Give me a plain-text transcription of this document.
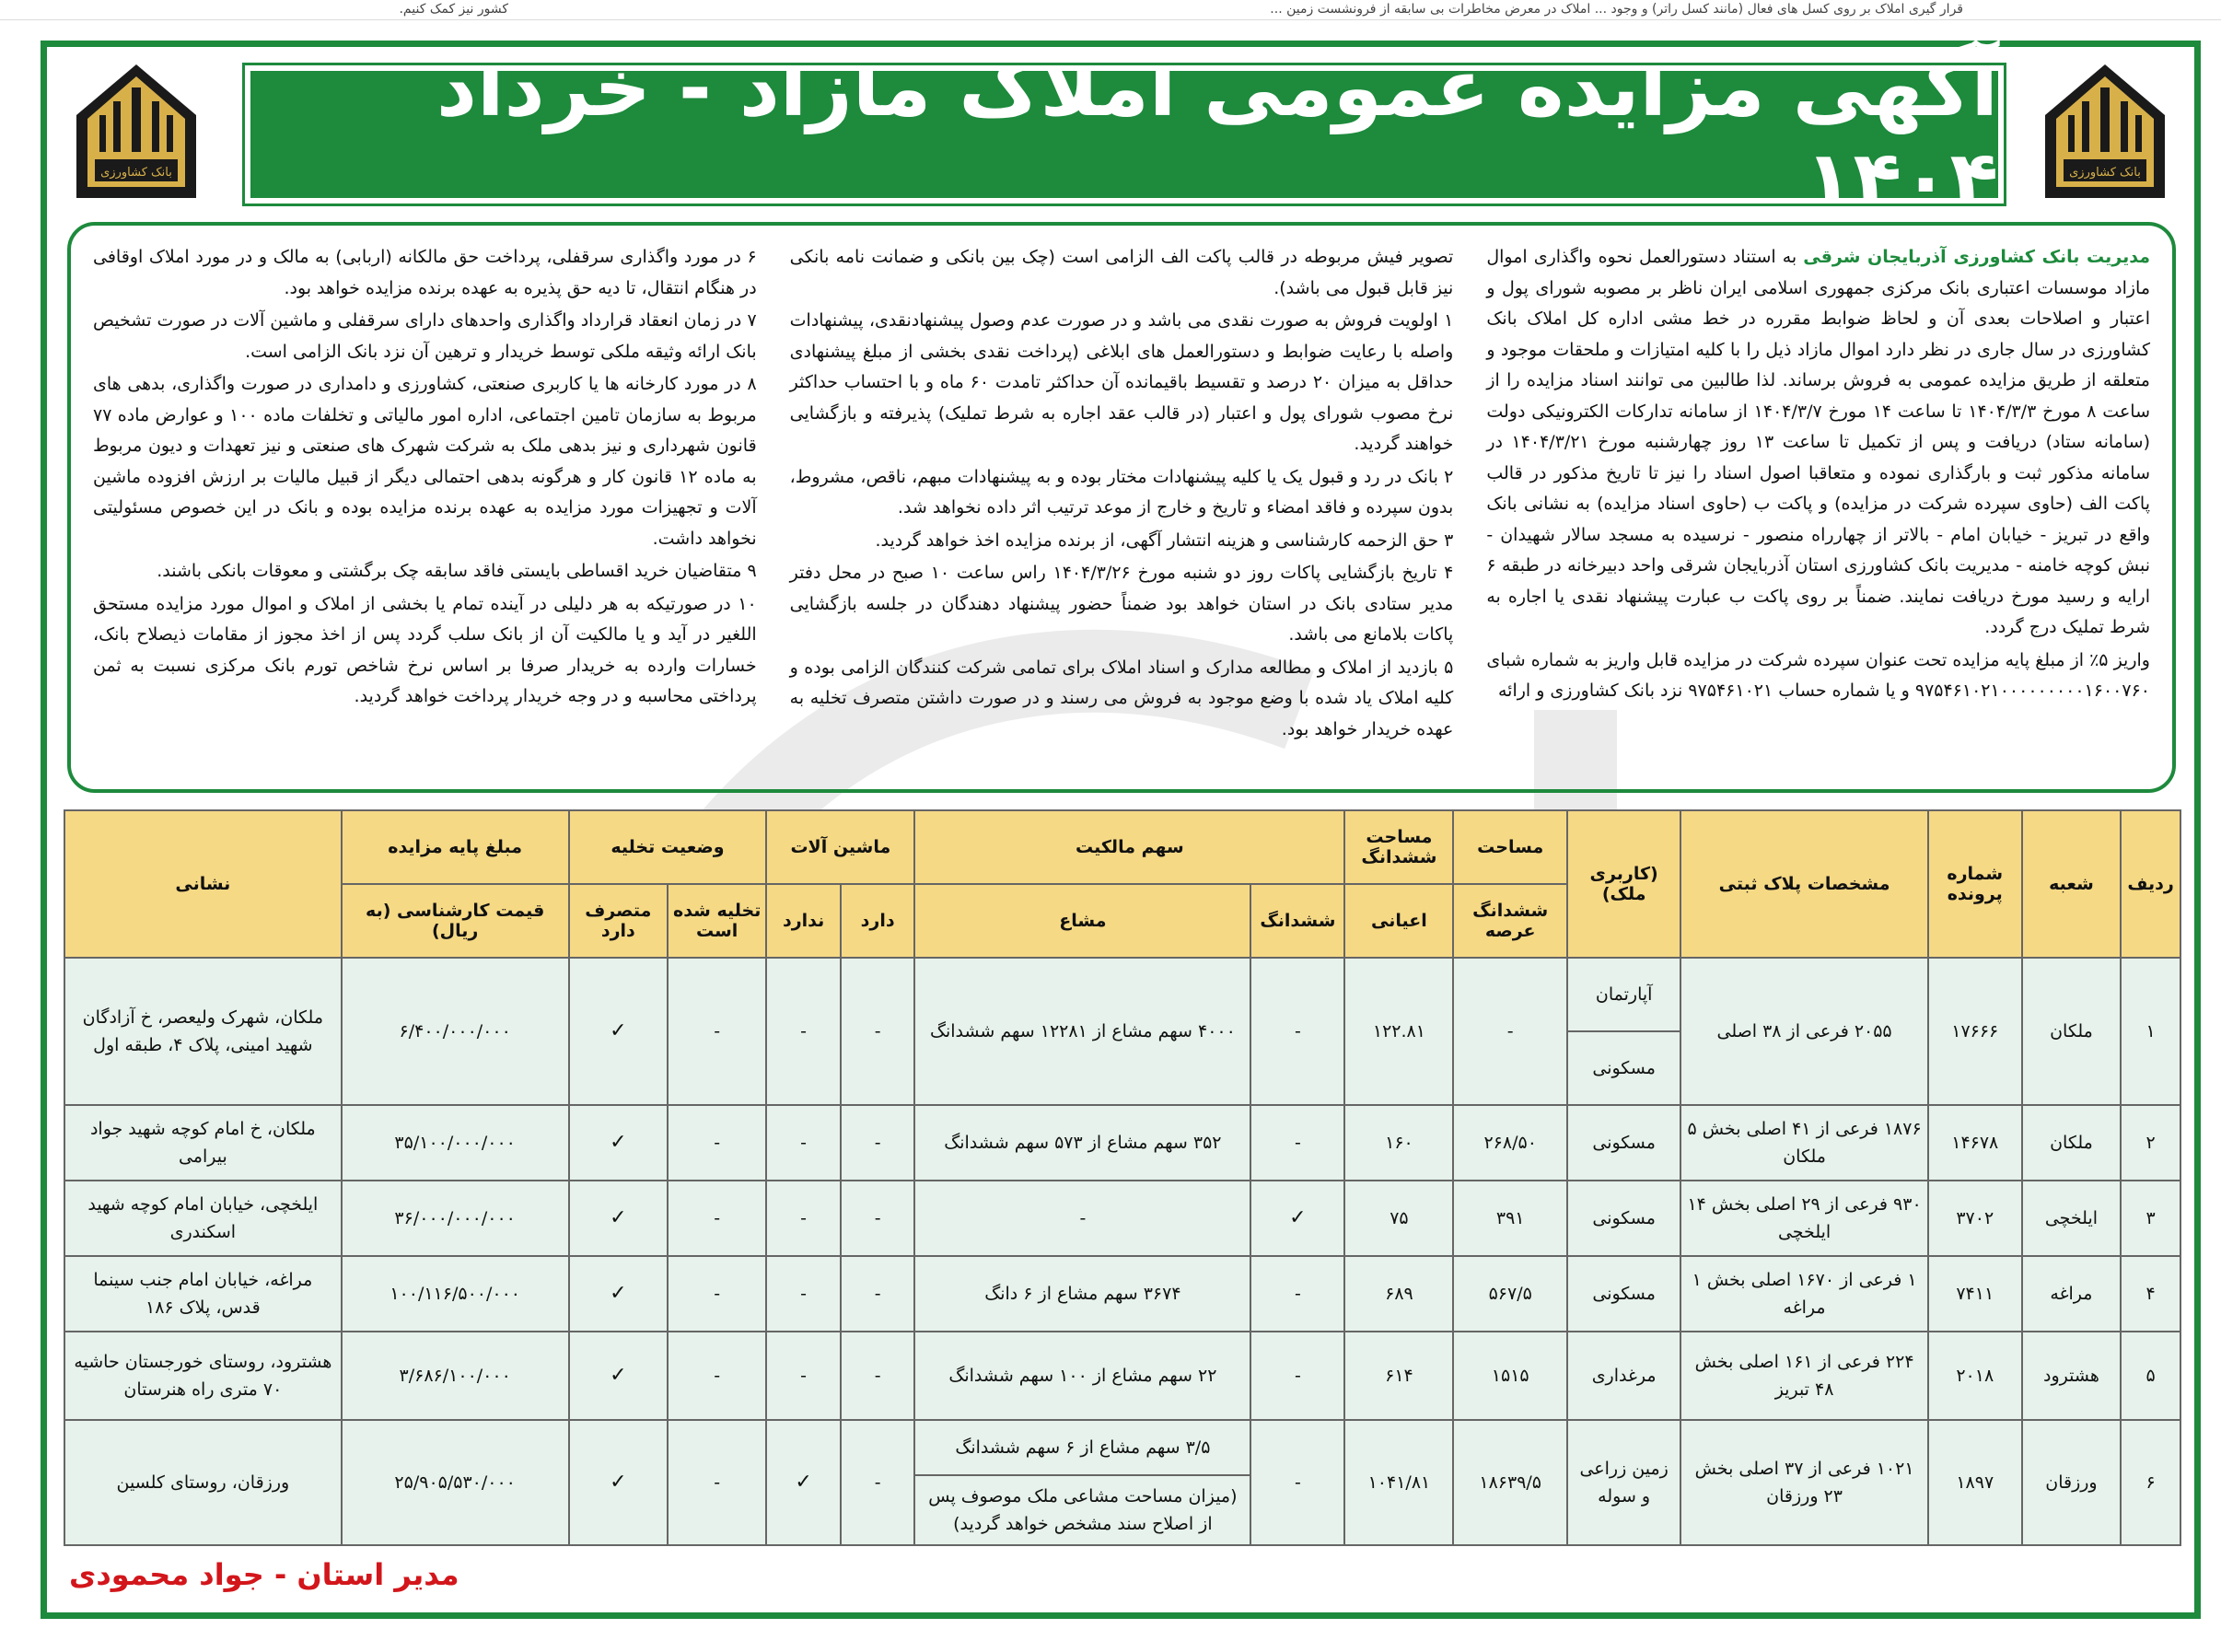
قرار گیری املاک بر روی کسل های فعال (مانند کسل راتر) و وجود ... املاک در معرض مخاطرات بی سابقه از فرونشست زمین ...
کشور نیز کمک کنیم.
بانک کشاورزی
بانک کشاورزی
آگهی مزایده عمومی املاک مازاد - خرداد ۱۴۰۴

مدیریت بانک کشاورزی آذربایجان شرقی به استناد دستورالعمل نحوه واگذاری اموال مازاد موسسات اعتباری بانک مرکزی جمهوری اسلامی ایران ناظر بر مصوبه شورای پول و اعتبار و اصلاحات بعدی آن و لحاظ ضوابط مقرره در خط مشی اداره کل املاک بانک کشاورزی در سال جاری در نظر دارد اموال مازاد ذیل را با کلیه امتیازات و ملحقات موجود و متعلقه از طریق مزایده عمومی به فروش برساند. لذا طالبین می توانند اسناد مزایده را از ساعت ۸ مورخ ۱۴۰۴/۳/۳ تا ساعت ۱۴ مورخ ۱۴۰۴/۳/۷ از سامانه تدارکات الکترونیکی دولت (سامانه ستاد) دریافت و پس از تکمیل تا ساعت ۱۳ روز چهارشنبه مورخ ۱۴۰۴/۳/۲۱ در سامانه مذکور ثبت و بارگذاری نموده و متعاقبا اصول اسناد را نیز تا تاریخ مذکور در قالب پاکت الف (حاوی سپرده شرکت در مزایده) و پاکت ب (حاوی اسناد مزایده) به نشانی بانک واقع در تبریز - خیابان امام - بالاتر از چهارراه منصور - نرسیده به مسجد سالار شهیدان - نبش کوچه خامنه - مدیریت بانک کشاورزی استان آذربایجان شرقی واحد دبیرخانه در طبقه ۶ ارایه و رسید مورخ دریافت نمایند. ضمناً بر روی پاکت ب عبارت پیشنهاد نقدی یا اجاره به شرط تملیک درج گردد.

واریز ۵٪ از مبلغ پایه مزایده تحت عنوان سپرده شرکت در مزایده قابل واریز به شماره شبای ۹۷۵۴۶۱۰۲۱۰۰۰۰۰۰۰۰۰۱۶۰۰۷۶۰ و یا شماره حساب ۹۷۵۴۶۱۰۲۱ نزد بانک کشاورزی و ارائه

تصویر فیش مربوطه در قالب پاکت الف الزامی است (چک بین بانکی و ضمانت نامه بانکی نیز قابل قبول می باشد).

۱ اولویت فروش به صورت نقدی می باشد و در صورت عدم وصول پیشنهادنقدی، پیشنهادات واصله با رعایت ضوابط و دستورالعمل های ابلاغی (پرداخت نقدی بخشی از مبلغ پیشنهادی حداقل به میزان ۲۰ درصد و تقسیط باقیمانده آن حداکثر تامدت ۶۰ ماه و با احتساب حداکثر نرخ مصوب شورای پول و اعتبار (در قالب عقد اجاره به شرط تملیک) پذیرفته و بازگشایی خواهند گردید.

۲ بانک در رد و قبول یک یا کلیه پیشنهادات مختار بوده و به پیشنهادات مبهم، ناقص، مشروط، بدون سپرده و فاقد امضاء و تاریخ و خارج از موعد ترتیب اثر داده نخواهد شد.

۳ حق الزحمه کارشناسی و هزینه انتشار آگهی، از برنده مزایده اخذ خواهد گردید.

۴ تاریخ بازگشایی پاکات روز دو شنبه مورخ ۱۴۰۴/۳/۲۶ راس ساعت ۱۰ صبح در محل دفتر مدیر ستادی بانک در استان خواهد بود ضمناً حضور پیشنهاد دهندگان در جلسه بازگشایی پاکات بلامانع می باشد.

۵ بازدید از املاک و مطالعه مدارک و اسناد املاک برای تمامی شرکت کنندگان الزامی بوده و کلیه املاک یاد شده با وضع موجود به فروش می رسند و در صورت داشتن متصرف تخلیه به عهده خریدار خواهد بود.

۶ در مورد واگذاری سرقفلی، پرداخت حق مالکانه (اربابی) به مالک و در مورد املاک اوقافی در هنگام انتقال، تا دیه حق پذیره به عهده برنده مزایده خواهد بود.

۷ در زمان انعقاد قرارداد واگذاری واحدهای دارای سرقفلی و ماشین آلات در صورت تشخیص بانک ارائه وثیقه ملکی توسط خریدار و ترهین آن نزد بانک الزامی است.

۸ در مورد کارخانه ها یا کاربری صنعتی، کشاورزی و دامداری در صورت واگذاری، بدهی های مربوط به سازمان تامین اجتماعی، اداره امور مالیاتی و تخلفات ماده ۱۰۰ و عوارض ماده ۷۷ قانون شهرداری و نیز بدهی ملک به شرکت شهرک های صنعتی و نیز تعهدات و دیون مربوط به ماده ۱۲ قانون کار و هرگونه بدهی احتمالی دیگر از قبیل مالیات بر ارزش افزوده ماشین آلات و تجهیزات مورد مزایده به عهده برنده مزایده بوده و بانک در این خصوص مسئولیتی نخواهد داشت.

۹ متقاضیان خرید اقساطی بایستی فاقد سابقه چک برگشتی و معوقات بانکی باشند.

۱۰ در صورتیکه به هر دلیلی در آینده تمام یا بخشی از املاک و اموال مورد مزایده مستحق اللغیر در آید و یا مالکیت آن از بانک سلب گردد پس از اخذ مجوز از مقامات ذیصلاح بانک، خسارات وارده به خریدار صرفا بر اساس نرخ شاخص تورم بانک مرکزی نسبت به ثمن پرداختی محاسبه و در وجه خریدار پرداخت خواهد گردید.

ردیف	شعبه	شماره پرونده	مشخصات پلاک ثبتی	(کاربری ملک)	مساحت	مساحت ششدانگ	سهم مالکیت		ماشین آلات		وضعیت تخلیه		مبلغ پایه مزایده	نشانی
					ششدانگ عرصه	اعیانی	ششدانگ	مشاع	دارد	ندارد	تخلیه شده است	متصرف دارد	قیمت کارشناسی (به ریال)	
۱	ملکان	۱۷۶۶۶	۲۰۵۵ فرعی از ۳۸ اصلی	آپارتمان	-	۱۲۲.۸۱	-	۴۰۰۰ سهم مشاع از ۱۲۲۸۱ سهم ششدانگ	-	-	-	✓	۶/۴۰۰/۰۰۰/۰۰۰	ملکان، شهرک ولیعصر، خ آزادگان شهید امینی، پلاک ۴، طبقه اول
				مسکونی										
۲	ملکان	۱۴۶۷۸	۱۸۷۶ فرعی از ۴۱ اصلی بخش ۵ ملکان	مسکونی	۲۶۸/۵۰	۱۶۰	-	۳۵۲ سهم مشاع از ۵۷۳ سهم ششدانگ	-	-	-	✓	۳۵/۱۰۰/۰۰۰/۰۰۰	ملکان، خ امام کوچه شهید جواد بیرامی
۳	ایلخچی	۳۷۰۲	۹۳۰ فرعی از ۲۹ اصلی بخش ۱۴ ایلخچی	مسکونی	۳۹۱	۷۵	✓	-	-	-	-	✓	۳۶/۰۰۰/۰۰۰/۰۰۰	ایلخچی، خیابان امام کوچه شهید اسکندری
۴	مراغه	۷۴۱۱	۱ فرعی از ۱۶۷۰ اصلی بخش ۱ مراغه	مسکونی	۵۶۷/۵	۶۸۹	-	۳۶۷۴ سهم مشاع از ۶ دانگ	-	-	-	✓	۱۰۰/۱۱۶/۵۰۰/۰۰۰	مراغه، خیابان امام جنب سینما قدس، پلاک ۱۸۶
۵	هشترود	۲۰۱۸	۲۲۴ فرعی از ۱۶۱ اصلی بخش ۴۸ تبریز	مرغداری	۱۵۱۵	۶۱۴	-	۲۲ سهم مشاع از ۱۰۰ سهم ششدانگ	-	-	-	✓	۳/۶۸۶/۱۰۰/۰۰۰	هشترود، روستای خورجستان حاشیه ۷۰ متری راه هنرستان
۶	ورزقان	۱۸۹۷	۱۰۲۱ فرعی از ۳۷ اصلی بخش ۲۳ ورزقان	زمین زراعی و سوله	۱۸۶۳۹/۵	۱۰۴۱/۸۱	-	۳/۵ سهم مشاع از ۶ سهم ششدانگ	-	✓	-	✓	۲۵/۹۰۵/۵۳۰/۰۰۰	ورزقان، روستای کلسین
								(میزان مساحت مشاعی ملک موصوف پس از اصلاح سند مشخص خواهد گردید)						
مدیر استان - جواد محمودی
